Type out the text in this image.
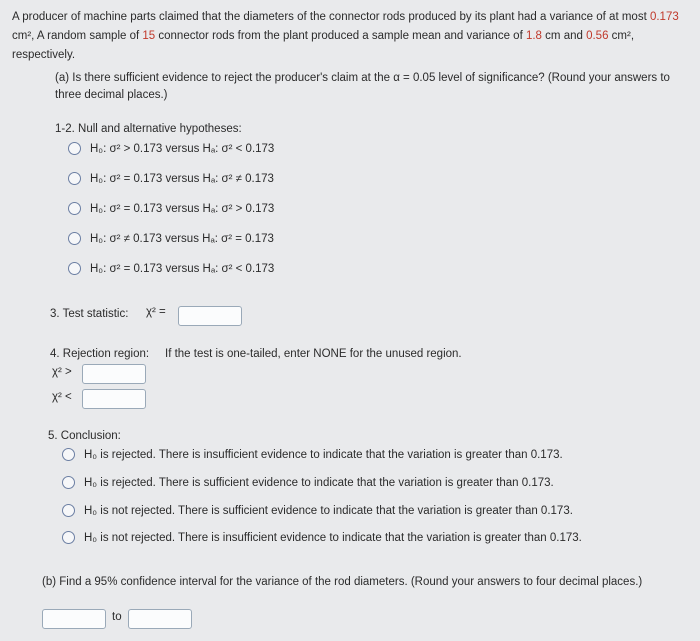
A producer of machine parts claimed that the diameters of the connector rods produced by its plant had a variance of at most 0.173 cm², A random sample of 15 connector rods from the plant produced a sample mean and variance of 1.8 cm and 0.56 cm², respectively.
(a) Is there sufficient evidence to reject the producer's claim at the α = 0.05 level of significance? (Round your answers to three decimal places.)
1-2. Null and alternative hypotheses:
H₀: σ² > 0.173 versus Hₐ: σ² < 0.173
H₀: σ² = 0.173 versus Hₐ: σ² ≠ 0.173
H₀: σ² = 0.173 versus Hₐ: σ² > 0.173
H₀: σ² ≠ 0.173 versus Hₐ: σ² = 0.173
H₀: σ² = 0.173 versus Hₐ: σ² < 0.173
3. Test statistic: χ² =
4. Rejection region: If the test is one-tailed, enter NONE for the unused region.
χ² >
χ² <
5. Conclusion:
H₀ is rejected. There is insufficient evidence to indicate that the variation is greater than 0.173.
H₀ is rejected. There is sufficient evidence to indicate that the variation is greater than 0.173.
H₀ is not rejected. There is sufficient evidence to indicate that the variation is greater than 0.173.
H₀ is not rejected. There is insufficient evidence to indicate that the variation is greater than 0.173.
(b) Find a 95% confidence interval for the variance of the rod diameters. (Round your answers to four decimal places.)
to
